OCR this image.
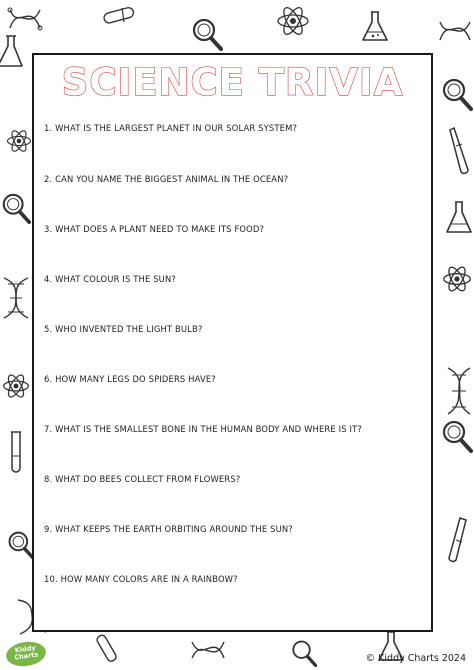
SCIENCE TRIVIA
1. WHAT IS THE LARGEST PLANET IN OUR SOLAR SYSTEM?
2. CAN YOU NAME THE BIGGEST ANIMAL IN THE OCEAN?
3. WHAT DOES A PLANT NEED TO MAKE ITS FOOD?
4. WHAT COLOUR IS THE SUN?
5. WHO INVENTED THE LIGHT BULB?
6. HOW MANY LEGS DO SPIDERS HAVE?
7. WHAT IS THE SMALLEST BONE IN THE HUMAN BODY AND WHERE IS IT?
8. WHAT DO BEES COLLECT FROM FLOWERS?
9. WHAT KEEPS THE EARTH ORBITING AROUND THE SUN?
10. HOW MANY COLORS ARE IN A RAINBOW?
Kiddy Charts	© Kiddy Charts 2024
